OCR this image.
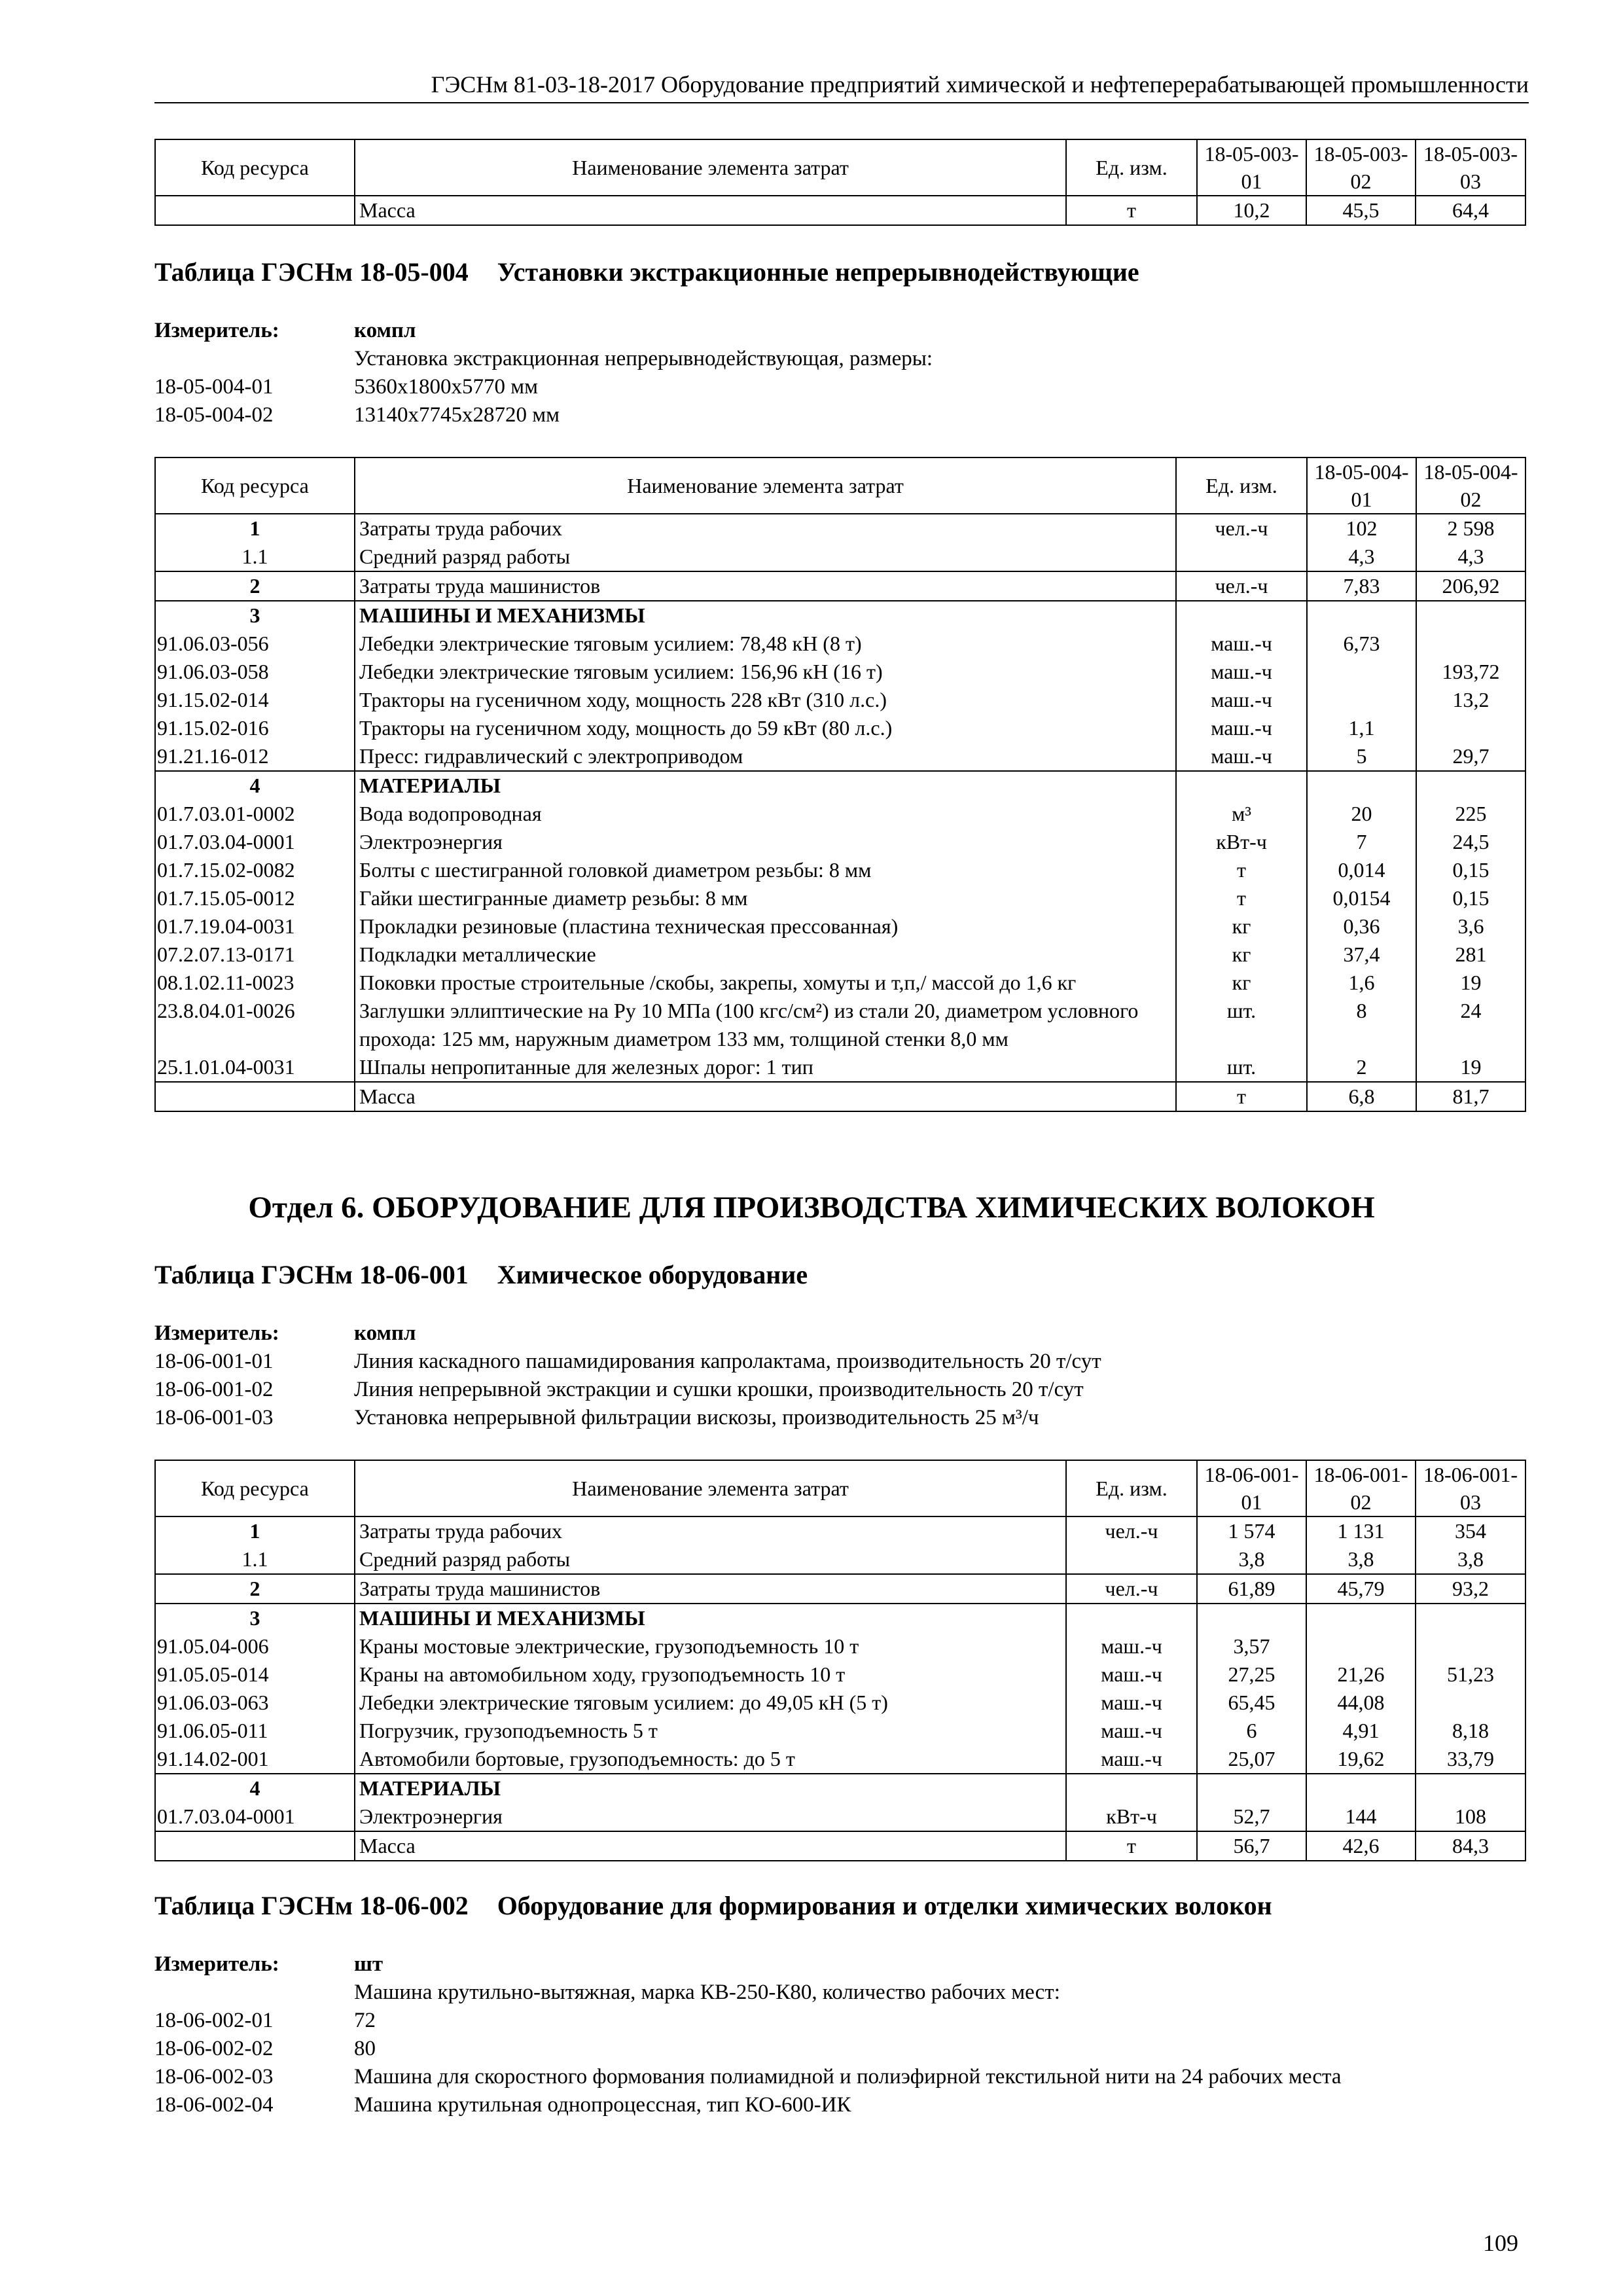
ГЭСНм 81-03-18-2017 Оборудование предприятий химической и нефтеперерабатывающей промышленности
Код ресурса	Наименование элемента затрат	Ед. изм.	18-05-003-01	18-05-003-02	18-05-003-03
	Масса	т	10,2	45,5	64,4
Таблица ГЭСНм 18-05-004 Установки экстракционные непрерывнодействующие
Измеритель:	компл
Установка экстракционная непрерывнодействующая, размеры:
18-05-004-01	5360х1800х5770 мм
18-05-004-02	13140х7745х28720 мм
Код ресурса	Наименование элемента затрат	Ед. изм.	18-05-004-01	18-05-004-02
1	Затраты труда рабочих	чел.-ч	102	2 598
1.1	Средний разряд работы		4,3	4,3
2	Затраты труда машинистов	чел.-ч	7,83	206,92
3	МАШИНЫ И МЕХАНИЗМЫ			
91.06.03-056	Лебедки электрические тяговым усилием: 78,48 кН (8 т)	маш.-ч	6,73	
91.06.03-058	Лебедки электрические тяговым усилием: 156,96 кН (16 т)	маш.-ч		193,72
91.15.02-014	Тракторы на гусеничном ходу, мощность 228 кВт (310 л.с.)	маш.-ч		13,2
91.15.02-016	Тракторы на гусеничном ходу, мощность до 59 кВт (80 л.с.)	маш.-ч	1,1	
91.21.16-012	Пресс: гидравлический с электроприводом	маш.-ч	5	29,7
4	МАТЕРИАЛЫ			
01.7.03.01-0002	Вода водопроводная	м³	20	225
01.7.03.04-0001	Электроэнергия	кВт-ч	7	24,5
01.7.15.02-0082	Болты с шестигранной головкой диаметром резьбы: 8 мм	т	0,014	0,15
01.7.15.05-0012	Гайки шестигранные диаметр резьбы: 8 мм	т	0,0154	0,15
01.7.19.04-0031	Прокладки резиновые (пластина техническая прессованная)	кг	0,36	3,6
07.2.07.13-0171	Подкладки металлические	кг	37,4	281
08.1.02.11-0023	Поковки простые строительные /скобы, закрепы, хомуты и т,п,/ массой до 1,6 кг	кг	1,6	19
23.8.04.01-0026	Заглушки эллиптические на Ру 10 МПа (100 кгс/см²) из стали 20, диаметром условного прохода: 125 мм, наружным диаметром 133 мм, толщиной стенки 8,0 мм	шт.	8	24
25.1.01.04-0031	Шпалы непропитанные для железных дорог: 1 тип	шт.	2	19
	Масса	т	6,8	81,7
Отдел 6. ОБОРУДОВАНИЕ ДЛЯ ПРОИЗВОДСТВА ХИМИЧЕСКИХ ВОЛОКОН
Таблица ГЭСНм 18-06-001 Химическое оборудование
Измеритель:	компл
18-06-001-01	Линия каскадного пашамидирования капролактама, производительность 20 т/сут
18-06-001-02	Линия непрерывной экстракции и сушки крошки, производительность 20 т/сут
18-06-001-03	Установка непрерывной фильтрации вискозы, производительность 25 м³/ч
Код ресурса	Наименование элемента затрат	Ед. изм.	18-06-001-01	18-06-001-02	18-06-001-03
1	Затраты труда рабочих	чел.-ч	1 574	1 131	354
1.1	Средний разряд работы		3,8	3,8	3,8
2	Затраты труда машинистов	чел.-ч	61,89	45,79	93,2
3	МАШИНЫ И МЕХАНИЗМЫ				
91.05.04-006	Краны мостовые электрические, грузоподъемность 10 т	маш.-ч	3,57		
91.05.05-014	Краны на автомобильном ходу, грузоподъемность 10 т	маш.-ч	27,25	21,26	51,23
91.06.03-063	Лебедки электрические тяговым усилием: до 49,05 кН (5 т)	маш.-ч	65,45	44,08	
91.06.05-011	Погрузчик, грузоподъемность 5 т	маш.-ч	6	4,91	8,18
91.14.02-001	Автомобили бортовые, грузоподъемность: до 5 т	маш.-ч	25,07	19,62	33,79
4	МАТЕРИАЛЫ				
01.7.03.04-0001	Электроэнергия	кВт-ч	52,7	144	108
	Масса	т	56,7	42,6	84,3
Таблица ГЭСНм 18-06-002 Оборудование для формирования и отделки химических волокон
Измеритель:	шт
Машина крутильно-вытяжная, марка КВ-250-К80, количество рабочих мест:
18-06-002-01	72
18-06-002-02	80
18-06-002-03	Машина для скоростного формования полиамидной и полиэфирной текстильной нити на 24 рабочих места
18-06-002-04	Машина крутильная однопроцессная, тип КО-600-ИК
109
